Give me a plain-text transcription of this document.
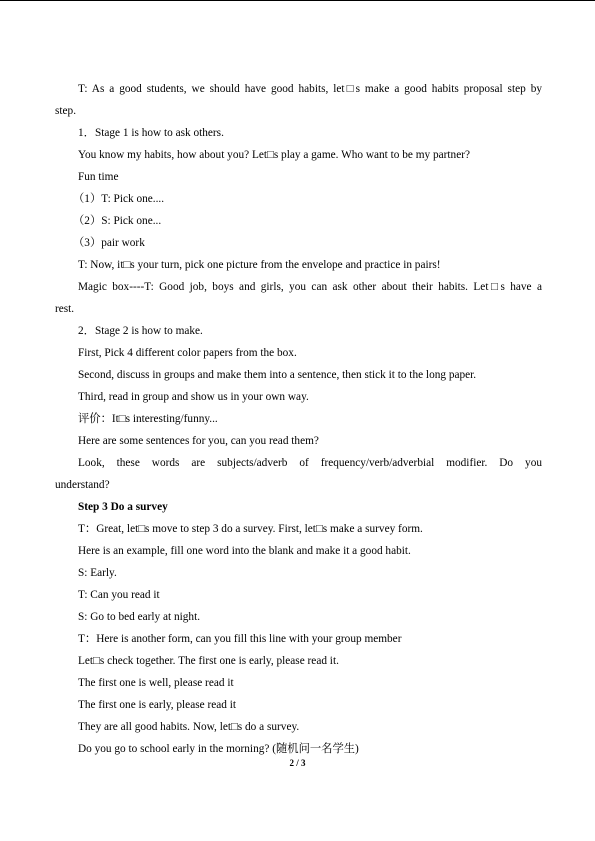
T: As a good students, we should have good habits, let□s make a good habits proposal step by

step.

1．Stage 1 is how to ask others.

You know my habits, how about you? Let□s play a game. Who want to be my partner?

Fun time

（1）T: Pick one....

（2）S: Pick one...

（3）pair work

T: Now, it□s your turn, pick one picture from the envelope and practice in pairs!

Magic box----T: Good job, boys and girls, you can ask other about their habits. Let□s have a

rest.

2．Stage 2 is how to make.

First, Pick 4 different color papers from the box.

Second, discuss in groups and make them into a sentence, then stick it to the long paper.

Third, read in group and show us in your own way.

评价：It□s interesting/funny...

Here are some sentences for you, can you read them?

Look, these words are subjects/adverb of frequency/verb/adverbial modifier. Do you

understand?

Step 3 Do a survey

T：Great, let□s move to step 3 do a survey. First, let□s make a survey form.

Here is an example, fill one word into the blank and make it a good habit.

S: Early.

T: Can you read it

S: Go to bed early at night.

T：Here is another form, can you fill this line with your group member

Let□s check together. The first one is early, please read it.

The first one is well, please read it

The first one is early, please read it

They are all good habits. Now, let□s do a survey.

Do you go to school early in the morning? (随机问一名学生)

2 / 3
